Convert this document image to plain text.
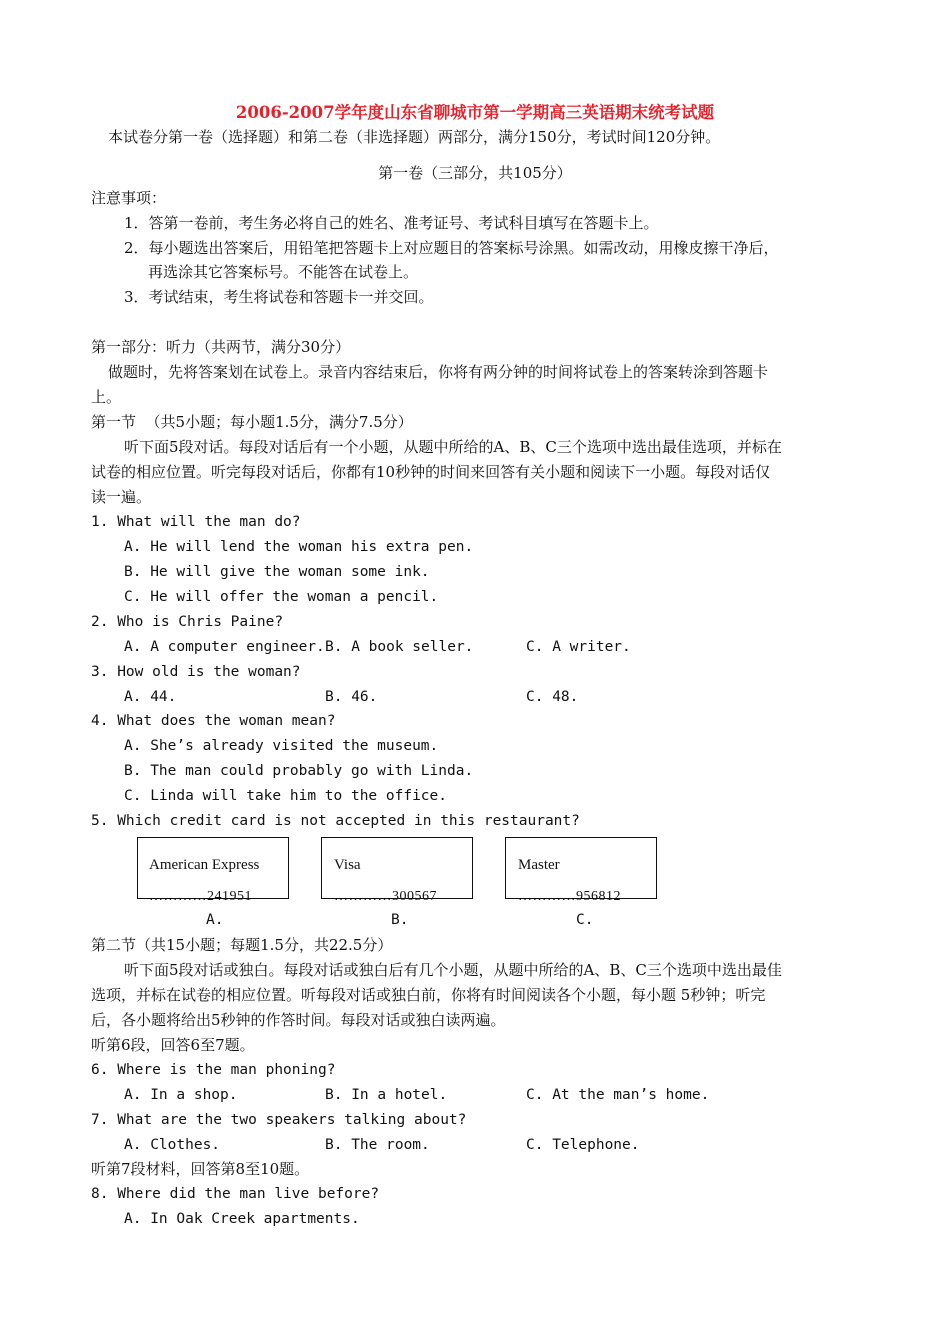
2006-2007学年度山东省聊城市第一学期高三英语期末统考试题
本试卷分第一卷（选择题）和第二卷（非选择题）两部分，满分150分，考试时间120分钟。
第一卷（三部分，共105分）
注意事项：
1．答第一卷前，考生务必将自己的姓名、准考证号、考试科目填写在答题卡上。
2．每小题选出答案后，用铅笔把答题卡上对应题目的答案标号涂黑。如需改动，用橡皮擦干净后，
再选涂其它答案标号。不能答在试卷上。
3．考试结束，考生将试卷和答题卡一并交回。
第一部分：听力（共两节，满分30分）
做题时，先将答案划在试卷上。录音内容结束后，你将有两分钟的时间将试卷上的答案转涂到答题卡
上。
第一节  （共5小题；每小题1.5分，满分7.5分）
听下面5段对话。每段对话后有一个小题，从题中所给的A、B、C三个选项中选出最佳选项，并标在
试卷的相应位置。听完每段对话后，你都有10秒钟的时间来回答有关小题和阅读下一小题。每段对话仅
读一遍。
1. What will the man do?
A. He will lend the woman his extra pen.
B. He will give the woman some ink.
C. He will offer the woman a pencil.
2. Who is Chris Paine?
A. A computer engineer. B. A book seller.	C. A writer.
3. How old is the woman?
A. 44.	B. 46.	C. 48.
4. What does the woman mean?
A. She’s already visited the museum.
B. The man could probably go with Linda.
C. Linda will take him to the office.
5. Which credit card is not accepted in this restaurant?
American Express
…………241951
A.
Visa
…………300567
B.
Master
…………956812
C.
第二节（共15小题；每题1.5分，共22.5分）
听下面5段对话或独白。每段对话或独白后有几个小题，从题中所给的A、B、C三个选项中选出最佳
选项，并标在试卷的相应位置。听每段对话或独白前，你将有时间阅读各个小题，每小题 5秒钟；听完
后，各小题将给出5秒钟的作答时间。每段对话或独白读两遍。
听第6段，回答6至7题。
6. Where is the man phoning?
A. In a shop.	B. In a hotel.	C. At the man’s home.
7. What are the two speakers talking about?
A. Clothes.	B. The room.	C. Telephone.
听第7段材料，回答第8至10题。
8. Where did the man live before?
A. In Oak Creek apartments.
